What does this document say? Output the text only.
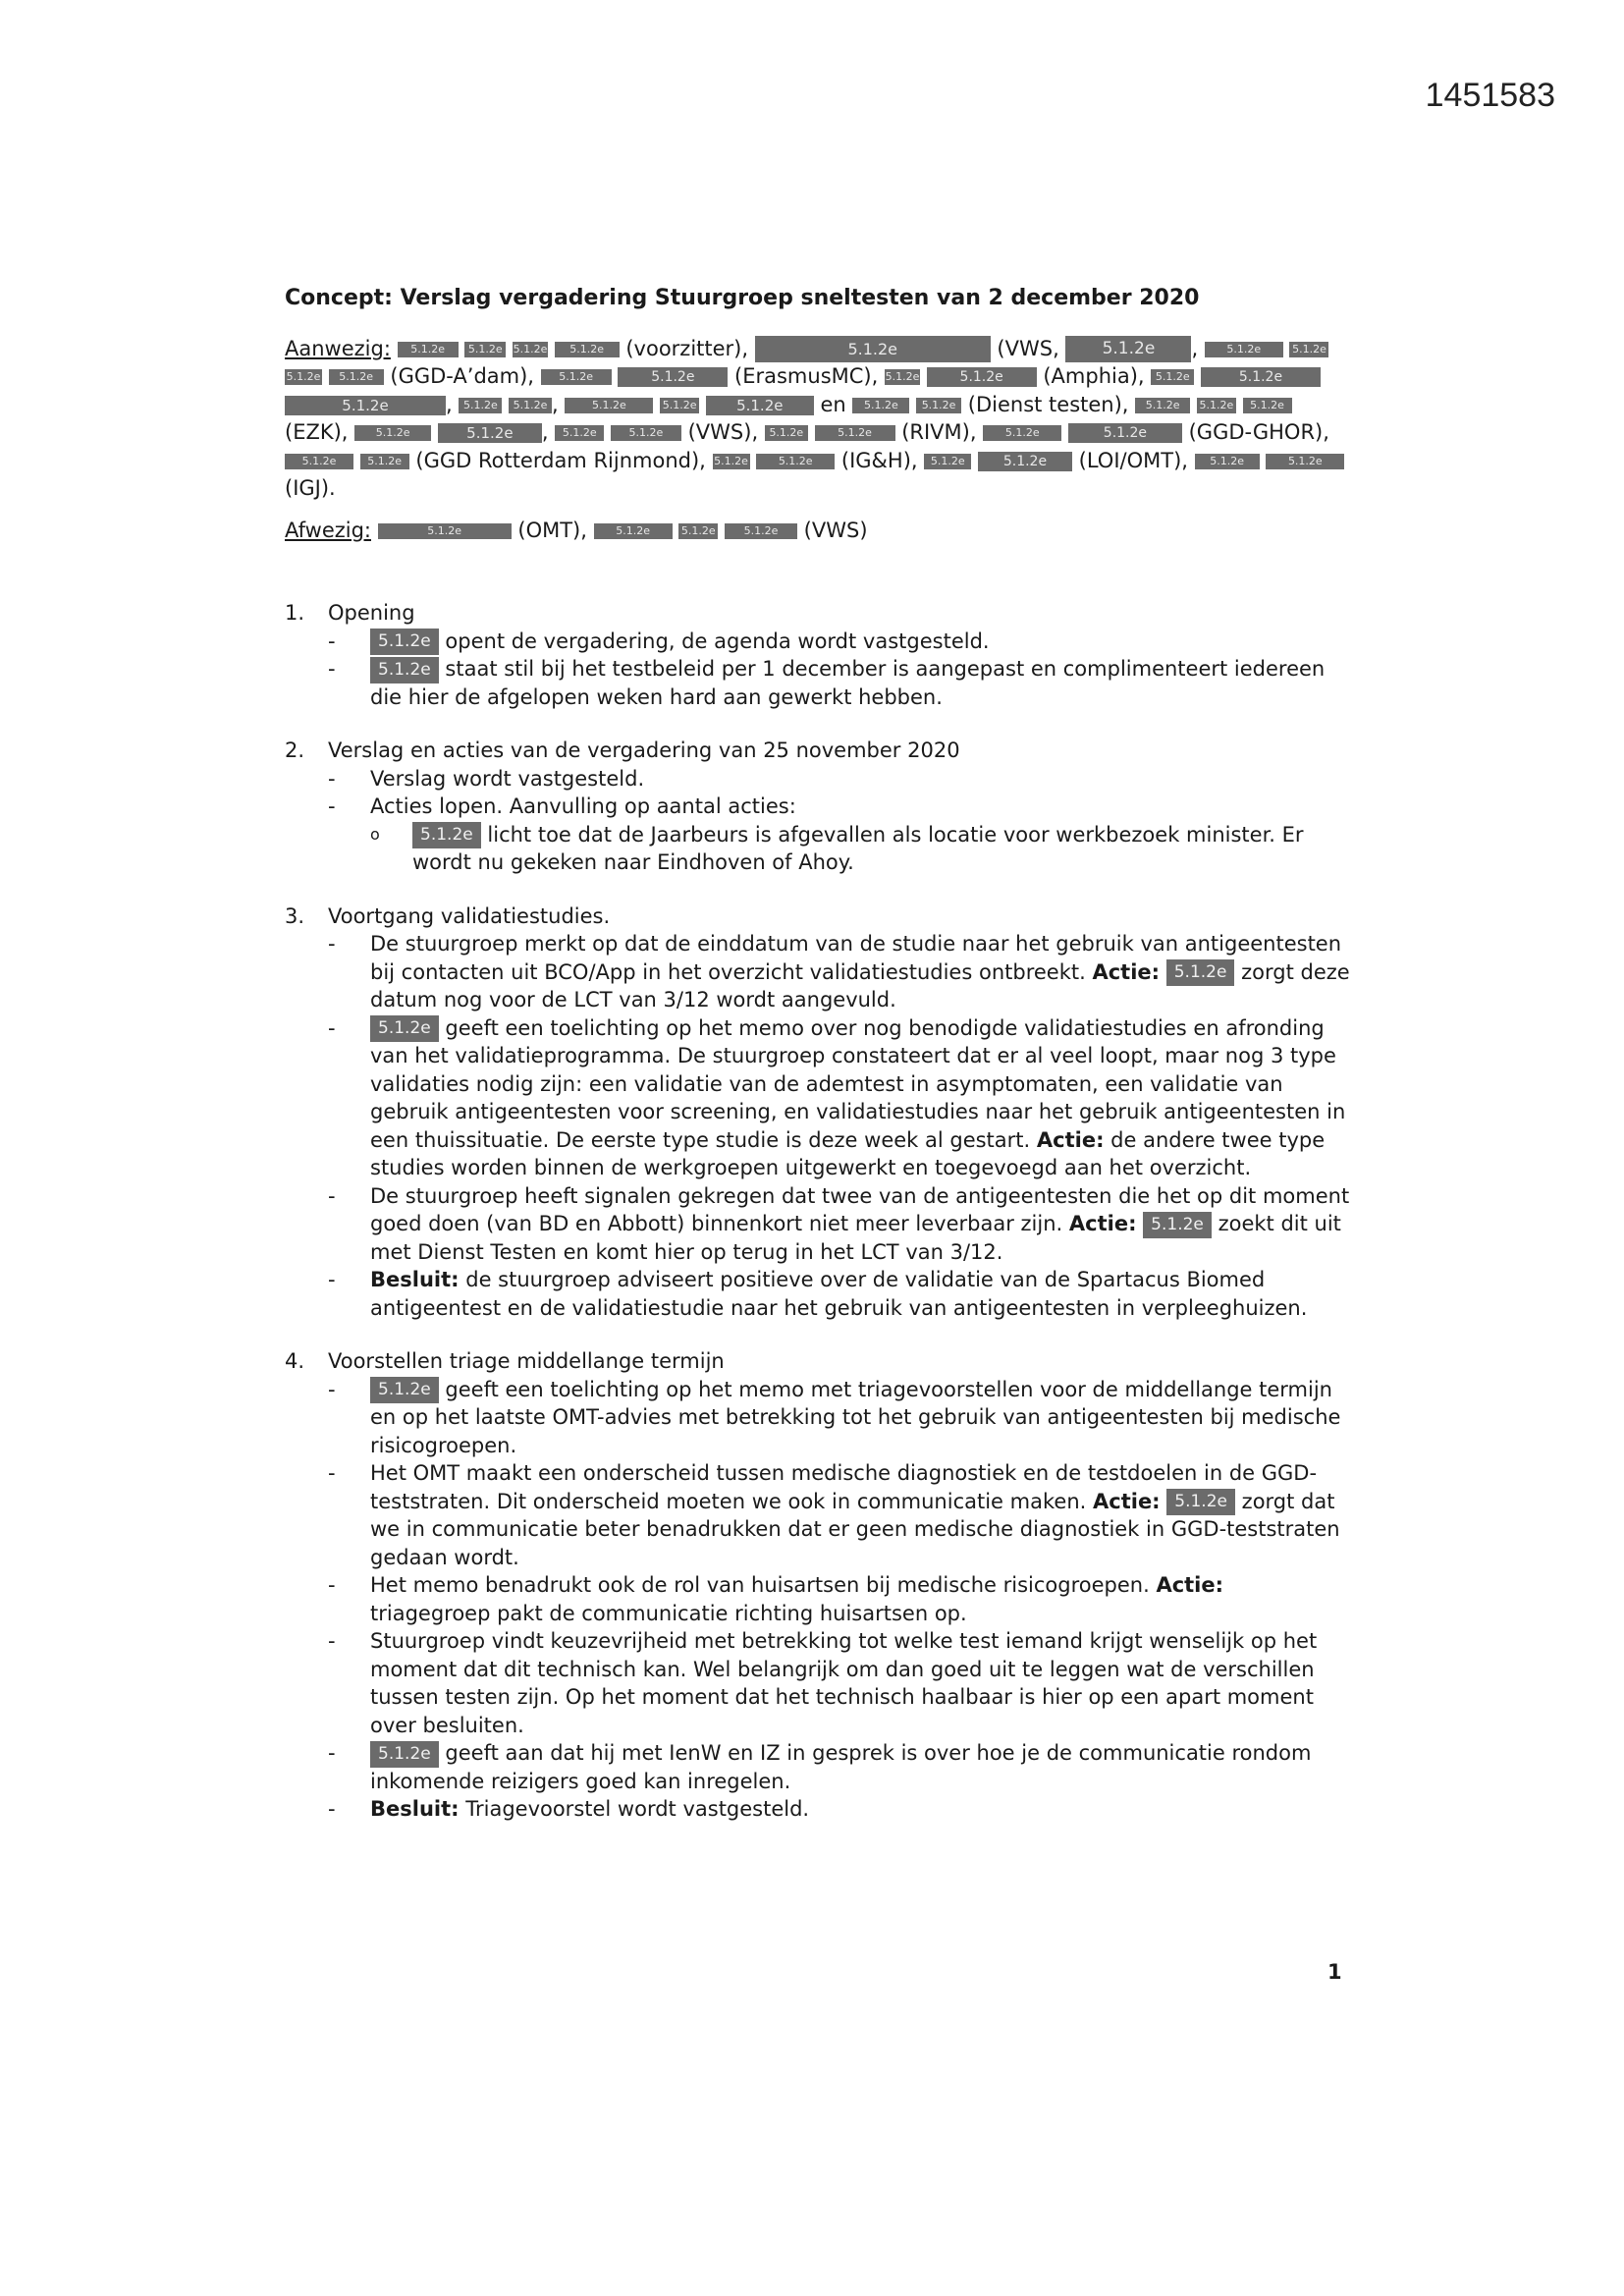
1451583
Concept: Verslag vergadering Stuurgroep sneltesten van 2 december 2020

Aanwezig: 5.1.2e 5.1.2e 5.1.2e 5.1.2e (voorzitter),	5.1.2e	(VWS,	5.1.2e , 5.1.2e	5.1.2e 5.1.2e 5.1.2e (GGD-A’dam), 5.1.2e	5.1.2e (ErasmusMC), 5.1.2e	5.1.2e (Amphia), 5.1.2e	5.1.2e 5.1.2e	, 5.1.2e 5.1.2e ,	5.1.2e	5.1.2e	5.1.2e en 5.1.2e 5.1.2e (Dienst testen), 5.1.2e 5.1.2e 5.1.2e (EZK),	5.1.2e	5.1.2e , 5.1.2e	5.1.2e (VWS), 5.1.2e	5.1.2e (RIVM),	5.1.2e	5.1.2e (GGD-GHOR), 5.1.2e	5.1.2e (GGD Rotterdam Rijnmond), 5.1.2e	5.1.2e (IG&H), 5.1.2e	5.1.2e (LOI/OMT), 5.1.2e	5.1.2e (IGJ).

Afwezig:	5.1.2e	(OMT),	5.1.2e	5.1.2e	5.1.2e (VWS)

1.	Opening
-	5.1.2e opent de vergadering, de agenda wordt vastgesteld.
-	5.1.2e staat stil bij het testbeleid per 1 december is aangepast en complimenteert iedereen die hier de afgelopen weken hard aan gewerkt hebben.
2.	Verslag en acties van de vergadering van 25 november 2020
-	Verslag wordt vastgesteld.
-	Acties lopen. Aanvulling op aantal acties:
o	5.1.2e licht toe dat de Jaarbeurs is afgevallen als locatie voor werkbezoek minister. Er wordt nu gekeken naar Eindhoven of Ahoy.
3.	Voortgang validatiestudies.
-	De stuurgroep merkt op dat de einddatum van de studie naar het gebruik van antigeentesten bij contacten uit BCO/App in het overzicht validatiestudies ontbreekt. Actie: 5.1.2e zorgt deze datum nog voor de LCT van 3/12 wordt aangevuld.
-	5.1.2e geeft een toelichting op het memo over nog benodigde validatiestudies en afronding van het validatieprogramma. De stuurgroep constateert dat er al veel loopt, maar nog 3 type validaties nodig zijn: een validatie van de ademtest in asymptomaten, een validatie van gebruik antigeentesten voor screening, en validatiestudies naar het gebruik antigeentesten in een thuissituatie. De eerste type studie is deze week al gestart. Actie: de andere twee type studies worden binnen de werkgroepen uitgewerkt en toegevoegd aan het overzicht.
-	De stuurgroep heeft signalen gekregen dat twee van de antigeentesten die het op dit moment goed doen (van BD en Abbott) binnenkort niet meer leverbaar zijn. Actie: 5.1.2e zoekt dit uit met Dienst Testen en komt hier op terug in het LCT van 3/12.
-	Besluit: de stuurgroep adviseert positieve over de validatie van de Spartacus Biomed antigeentest en de validatiestudie naar het gebruik van antigeentesten in verpleeghuizen.
4.	Voorstellen triage middellange termijn
-	5.1.2e geeft een toelichting op het memo met triagevoorstellen voor de middellange termijn en op het laatste OMT-advies met betrekking tot het gebruik van antigeentesten bij medische risicogroepen.
-	Het OMT maakt een onderscheid tussen medische diagnostiek en de testdoelen in de GGD-teststraten. Dit onderscheid moeten we ook in communicatie maken. Actie: 5.1.2e zorgt dat we in communicatie beter benadrukken dat er geen medische diagnostiek in GGD-teststraten gedaan wordt.
-	Het memo benadrukt ook de rol van huisartsen bij medische risicogroepen. Actie: triagegroep pakt de communicatie richting huisartsen op.
-	Stuurgroep vindt keuzevrijheid met betrekking tot welke test iemand krijgt wenselijk op het moment dat dit technisch kan. Wel belangrijk om dan goed uit te leggen wat de verschillen tussen testen zijn. Op het moment dat het technisch haalbaar is hier op een apart moment over besluiten.
-	5.1.2e geeft aan dat hij met IenW en IZ in gesprek is over hoe je de communicatie rondom inkomende reizigers goed kan inregelen.
-	Besluit: Triagevoorstel wordt vastgesteld.
1
